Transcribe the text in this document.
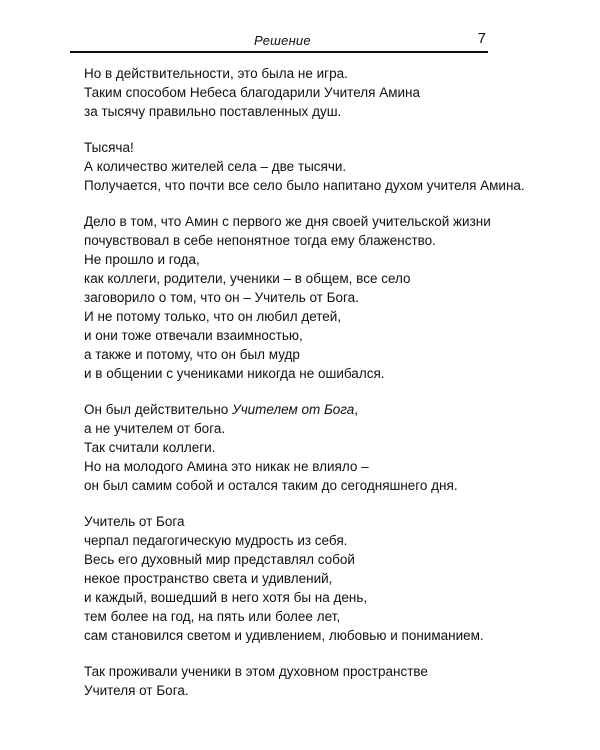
Решение	7

Но в действительности, это была не игра.
Таким способом Небеса благодарили Учителя Амина
за тысячу правильно поставленных душ.

Тысяча!
А количество жителей села – две тысячи.
Получается, что почти все село было напитано духом учителя Амина.

Дело в том, что Амин с первого же дня своей учительской жизни
почувствовал в себе непонятное тогда ему блаженство.
Не прошло и года,
как коллеги, родители, ученики – в общем, все село
заговорило о том, что он – Учитель от Бога.
И не потому только, что он любил детей,
и они тоже отвечали взаимностью,
а также и потому, что он был мудр
и в общении с учениками никогда не ошибался.

Он был действительно Учителем от Бога,
а не учителем от бога.
Так считали коллеги.
Но на молодого Амина это никак не влияло –
он был самим собой и остался таким до сегодняшнего дня.

Учитель от Бога
черпал педагогическую мудрость из себя.
Весь его духовный мир представлял собой
некое пространство света и удивлений,
и каждый, вошедший в него хотя бы на день,
тем более на год, на пять или более лет,
сам становился светом и удивлением, любовью и пониманием.

Так проживали ученики в этом духовном пространстве
Учителя от Бога.
